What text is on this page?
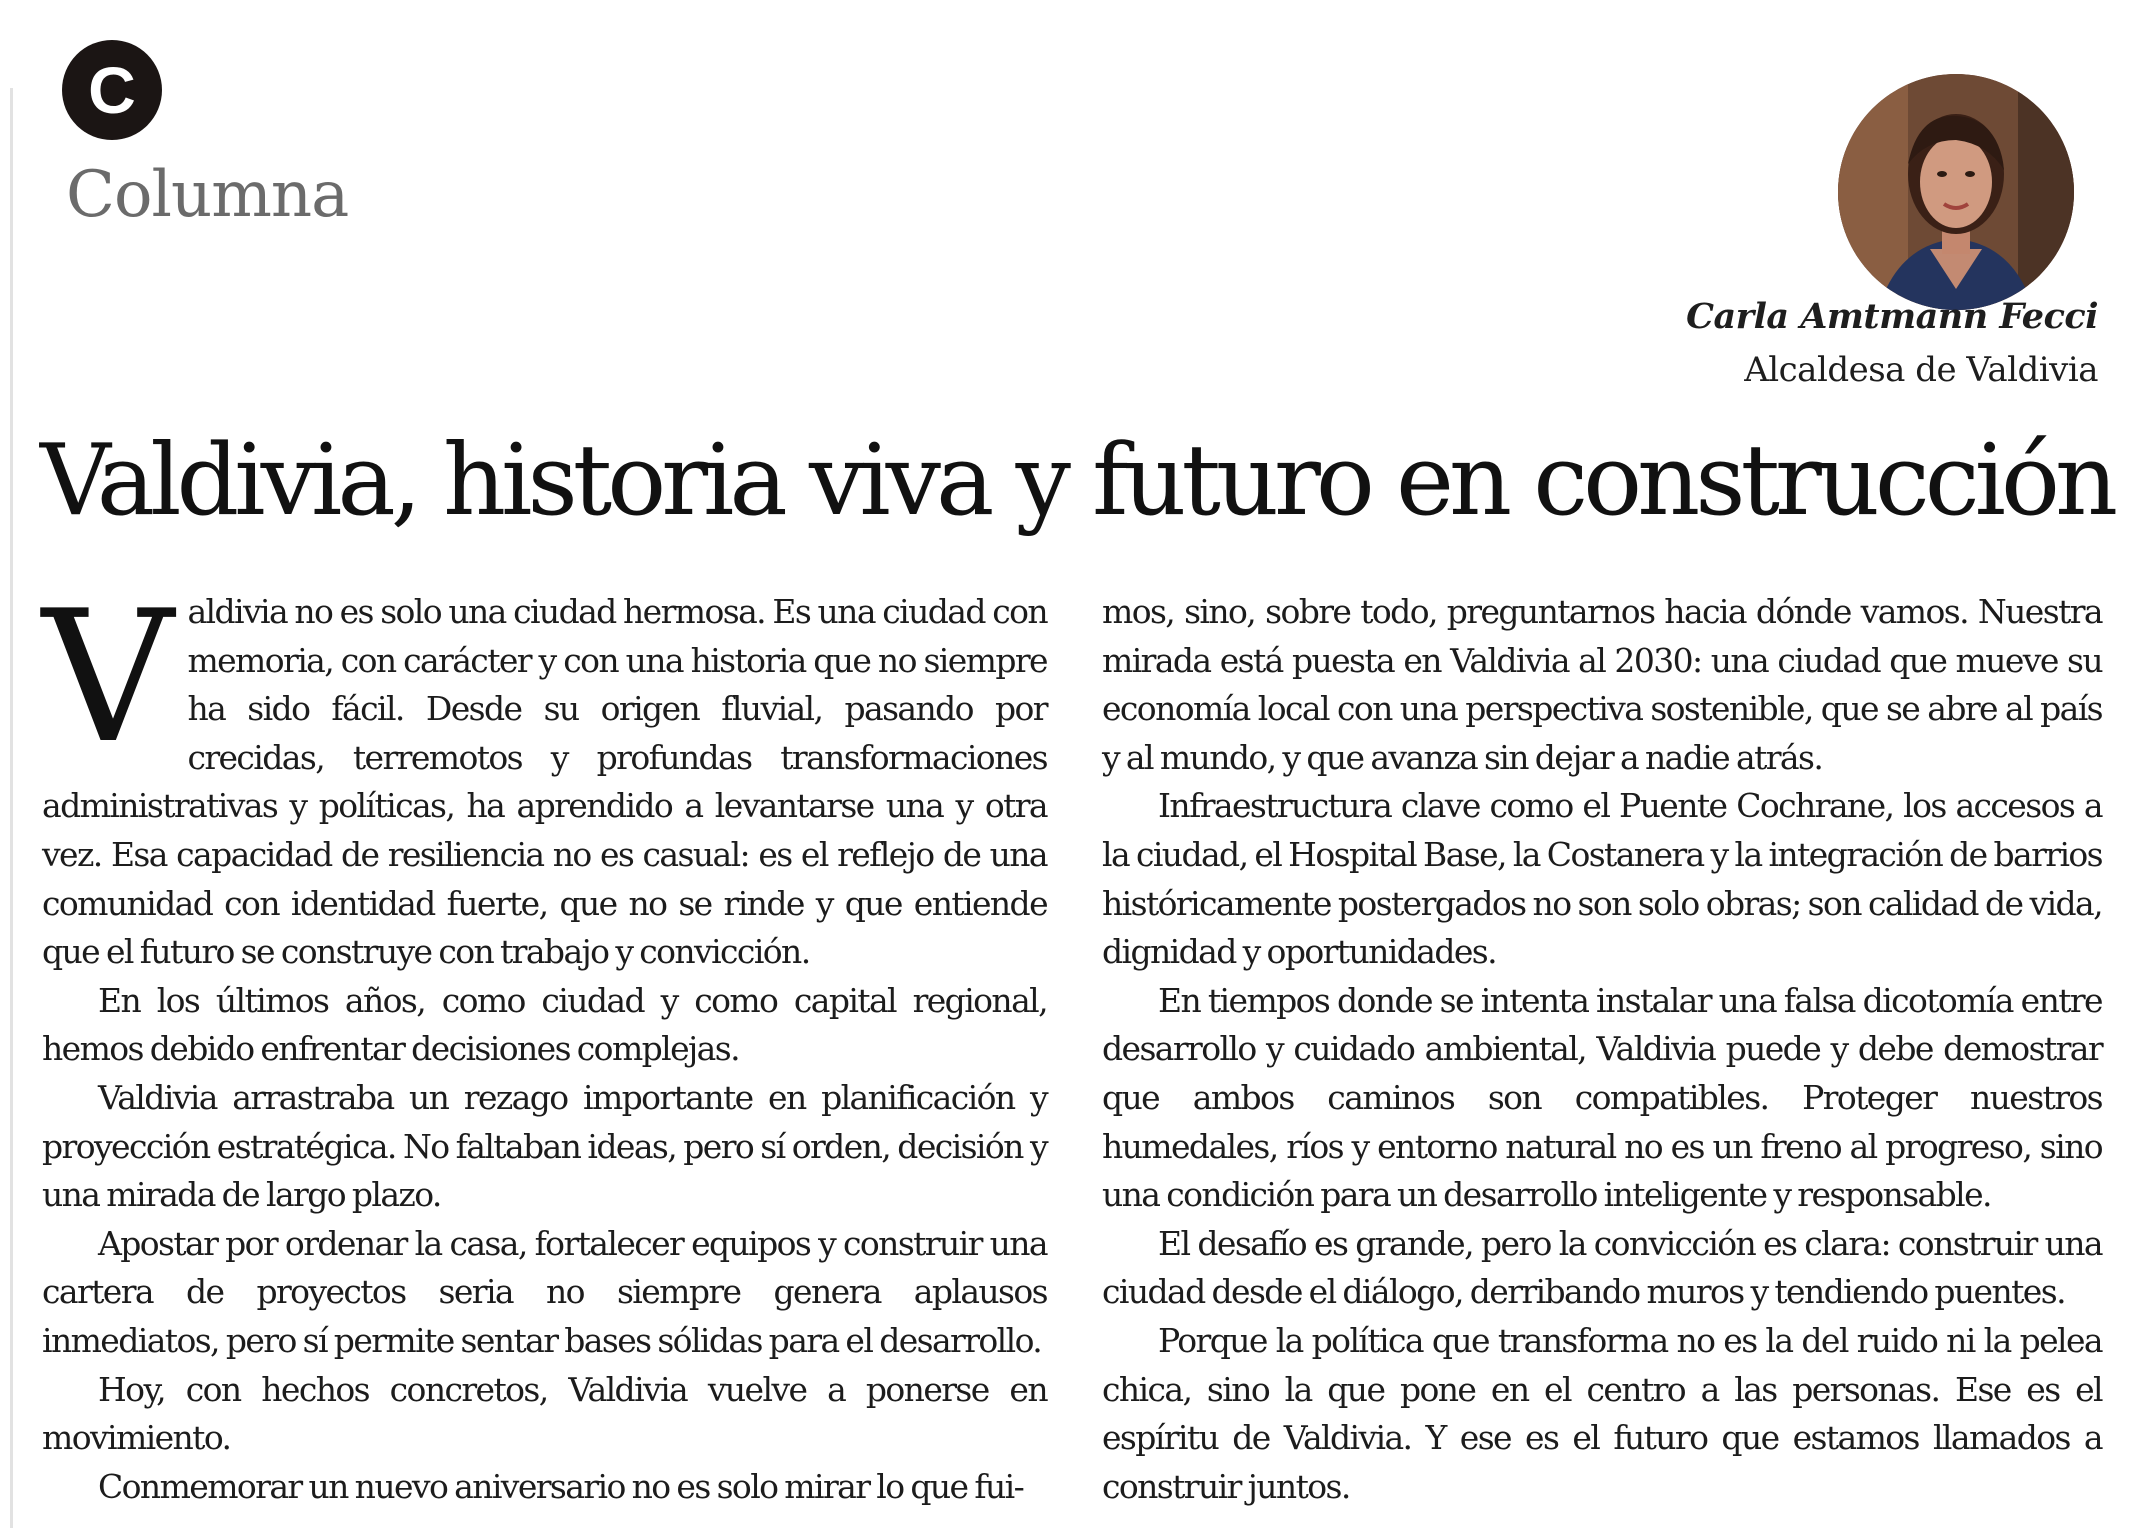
C
Columna
Carla Amtmann Fecci
Alcaldesa de Valdivia
Valdivia, historia viva y futuro en construcción

Valdivia no es solo una ciudad hermosa. Es una ciudad con memoria, con carácter y con una historia que no siempre ha sido fácil. Desde su origen fluvial, pasando por crecidas, terremotos y profundas transformaciones administrativas y políticas, ha aprendido a levantarse una y otra vez. Esa capacidad de resiliencia no es casual: es el reflejo de una comunidad con identidad fuerte, que no se rinde y que entiende que el futuro se construye con trabajo y convicción.

En los últimos años, como ciudad y como capital regional, hemos debido enfrentar decisiones complejas.

Valdivia arrastraba un rezago importante en planificación y proyección estratégica. No faltaban ideas, pero sí orden, decisión y una mirada de largo plazo.

Apostar por ordenar la casa, fortalecer equipos y construir una cartera de proyectos seria no siempre genera aplausos inmediatos, pero sí permite sentar bases sólidas para el desarrollo.

Hoy, con hechos concretos, Valdivia vuelve a ponerse en movimiento.

Conmemorar un nuevo aniversario no es solo mirar lo que fui-

mos, sino, sobre todo, preguntarnos hacia dónde vamos. Nuestra mirada está puesta en Valdivia al 2030: una ciudad que mueve su economía local con una perspectiva sostenible, que se abre al país y al mundo, y que avanza sin dejar a nadie atrás.

Infraestructura clave como el Puente Cochrane, los accesos a la ciudad, el Hospital Base, la Costanera y la integración de barrios históricamente postergados no son solo obras; son calidad de vida, dignidad y oportunidades.

En tiempos donde se intenta instalar una falsa dicotomía entre desarrollo y cuidado ambiental, Valdivia puede y debe demostrar que ambos caminos son compatibles. Proteger nuestros humedales, ríos y entorno natural no es un freno al progreso, sino una condición para un desarrollo inteligente y responsable.

El desafío es grande, pero la convicción es clara: construir una ciudad desde el diálogo, derribando muros y tendiendo puentes.

Porque la política que transforma no es la del ruido ni la pelea chica, sino la que pone en el centro a las personas. Ese es el espíritu de Valdivia. Y ese es el futuro que estamos llamados a construir juntos.
